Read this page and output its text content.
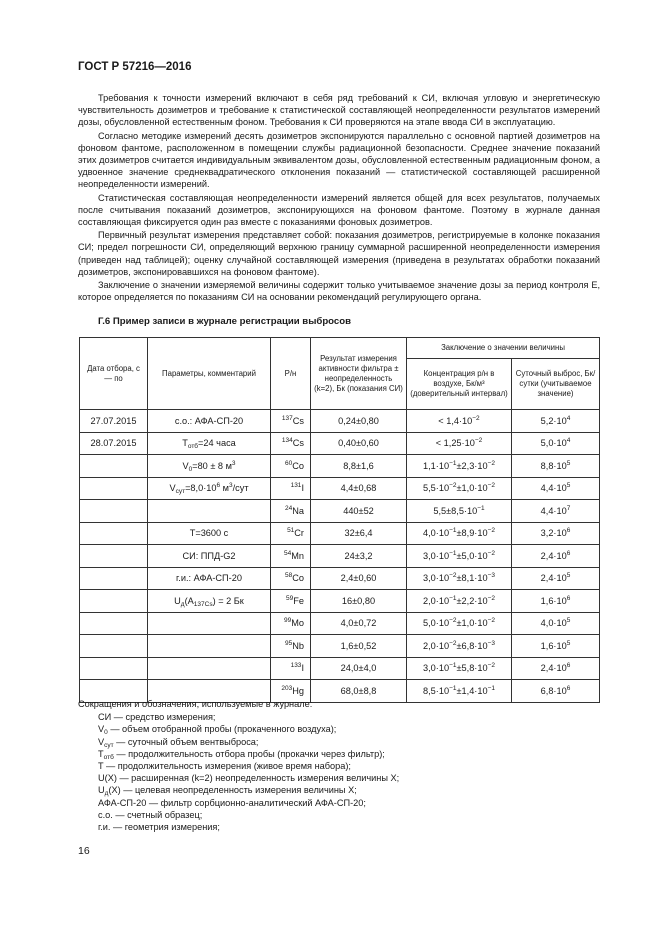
ГОСТ Р 57216—2016

Требования к точности измерений включают в себя ряд требований к СИ, включая угловую и энергетическую чувствительность дозиметров и требование к статистической составляющей неопределенности результатов измерений дозы, обусловленной естественным фоном. Требования к СИ проверяются на этапе ввода СИ в эксплуатацию.

Согласно методике измерений десять дозиметров экспонируются параллельно с основной партией дозиметров на фоновом фантоме, расположенном в помещении службы радиационной безопасности. Среднее значение показаний этих дозиметров считается индивидуальным эквивалентом дозы, обусловленной естественным радиационным фоном, а удвоенное значение среднеквадратического отклонения показаний — статистической составляющей расширенной неопределенности измерений.

Статистическая составляющая неопределенности измерений является общей для всех результатов, получаемых после считывания показаний дозиметров, экспонирующихся на фоновом фантоме. Поэтому в журнале данная составляющая фиксируется один раз вместе с показаниями фоновых дозиметров.

Первичный результат измерения представляет собой: показания дозиметров, регистрируемые в колонке показания СИ; предел погрешности СИ, определяющий верхнюю границу суммарной расширенной неопределенности измерения (приведен над таблицей); оценку случайной составляющей измерения (приведена в результатах обработки показаний дозиметров, экспонировавшихся на фоновом фантоме).

Заключение о значении измеряемой величины содержит только учитываемое значение дозы за период контроля E, которое определяется по показаниям СИ на основании рекомендаций регулирующего органа.

Г.6 Пример записи в журнале регистрации выбросов
Дата отбора, с — по	Параметры, комментарий	Р/н	Результат измерения активности фильтра ± неопределенность (k=2), Бк (показания СИ)	Заключение о значении величины	
				Концентрация р/н в воздухе, Бк/м³ (доверительный интервал)	Суточный выброс, Бк/сутки (учитываемое значение)
27.07.2015	с.о.: АФА-СП-20	$^{137}$Cs	0,24±0,80	< $1,4\cdot 10^{-2}$	$5,2\cdot 10^4$
28.07.2015	$T_{отб}=24$ часа	$^{134}$Cs	0,40±0,60	< $1,25\cdot 10^{-2}$	$5,0\cdot 10^4$
	$V_0=80 \pm 8$ $м^3$	$^{60}$Co	8,8±1,6	$1,1\cdot 10^{-1}\pm 2,3\cdot 10^{-2}$	$8,8\cdot 10^5$
	$V_{сут}=8,0\cdot 10^6$ $м^3$/сут	$^{131}$I	4,4±0,68	$5,5\cdot 10^{-2}\pm 1,0\cdot 10^{-2}$	$4,4\cdot 10^5$
		$^{24}$Na	440±52	$5,5\pm 8,5\cdot 10^{-1}$	$4,4\cdot 10^7$
	T=3600 с	$^{51}$Cr	32±6,4	$4,0\cdot 10^{-1}\pm 8,9\cdot 10^{-2}$	$3,2\cdot 10^6$
	СИ: ППД-G2	$^{54}$Mn	24±3,2	$3,0\cdot 10^{-1}\pm 5,0\cdot 10^{-2}$	$2,4\cdot 10^6$
	г.и.: АФА-СП-20	$^{58}$Co	2,4±0,60	$3,0\cdot 10^{-2}\pm 8,1\cdot 10^{-3}$	$2,4\cdot 10^5$
	$U_д(A_{137Cs}) = 2$ Бк	$^{59}$Fe	16±0,80	$2,0\cdot 10^{-1}\pm 2,2\cdot 10^{-2}$	$1,6\cdot 10^6$
		$^{99}$Mo	4,0±0,72	$5,0\cdot 10^{-2}\pm 1,0\cdot 10^{-2}$	$4,0\cdot 10^5$
		$^{95}$Nb	1,6±0,52	$2,0\cdot 10^{-2}\pm 6,8\cdot 10^{-3}$	$1,6\cdot 10^5$
		$^{133}$I	24,0±4,0	$3,0\cdot 10^{-1}\pm 5,8\cdot 10^{-2}$	$2,4\cdot 10^6$
		$^{203}$Hg	68,0±8,8	$8,5\cdot 10^{-1}\pm 1,4\cdot 10^{-1}$	$6,8\cdot 10^6$
Сокращения и обозначения, используемые в журнале:
СИ — средство измерения;
$V_0$ — объем отобранной пробы (прокаченного воздуха);
$V_{сут}$ — суточный объем вентвыброса;
$T_{отб}$ — продолжительность отбора пробы (прокачки через фильтр);
T — продолжительность измерения (живое время набора);
U(X) — расширенная (k=2) неопределенность измерения величины X;
$U_д(X)$ — целевая неопределенность измерения величины X;
АФА-СП-20 — фильтр сорбционно-аналитический АФА-СП-20;
с.о. — счетный образец;
г.и. — геометрия измерения;
16
